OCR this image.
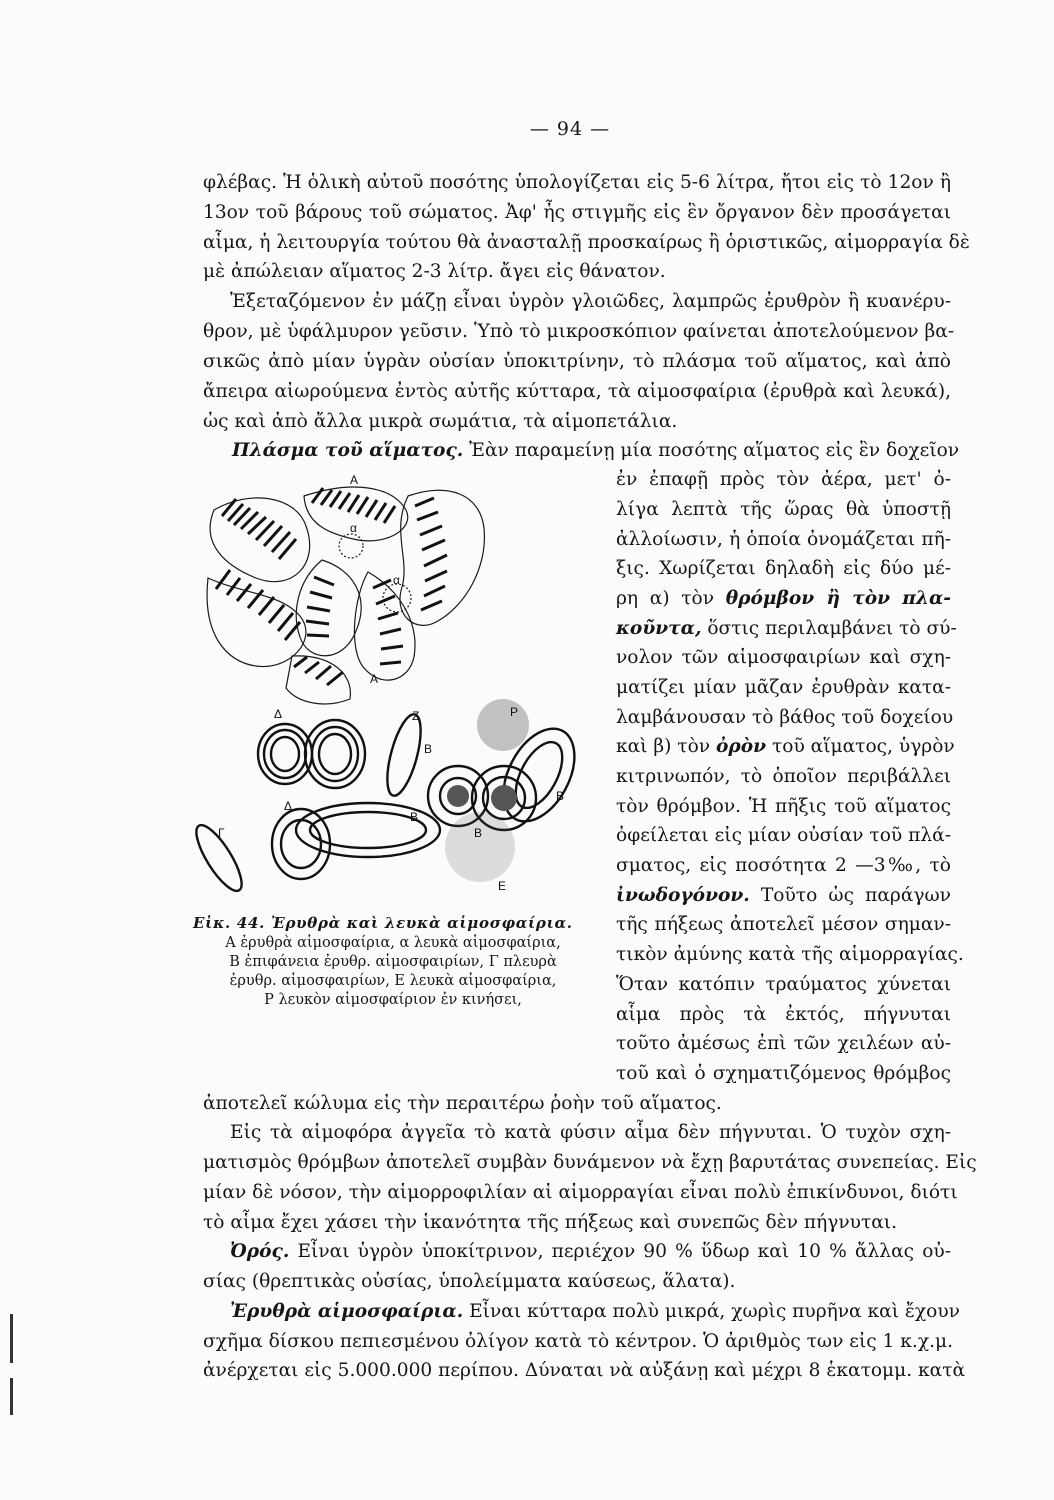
— 94 —
φλέβας. Ἡ ὁλικὴ αὐτοῦ ποσότης ὑπολογίζεται εἰς 5-6 λίτρα, ἤτοι εἰς τὸ 12ον ἢ
13ον τοῦ βάρους τοῦ σώματος. Ἀφ' ἧς στιγμῆς εἰς ἓν ὄργανον δὲν προσάγεται
αἷμα, ἡ λειτουργία τούτου θὰ ἀνασταλῇ προσκαίρως ἢ ὁριστικῶς, αἱμορραγία δὲ
μὲ ἀπώλειαν αἵματος 2-3 λίτρ. ἄγει εἰς θάνατον.
Ἐξεταζόμενον ἐν μάζῃ εἶναι ὑγρὸν γλοιῶδες, λαμπρῶς ἐρυθρὸν ἢ κυανέρυ-
θρον, μὲ ὑφάλμυρον γεῦσιν. Ὑπὸ τὸ μικροσκόπιον φαίνεται ἀποτελούμενον βα-
σικῶς ἀπὸ μίαν ὑγρὰν οὐσίαν ὑποκιτρίνην, τὸ πλάσμα τοῦ αἵματος, καὶ ἀπὸ
ἄπειρα αἰωρούμενα ἐντὸς αὐτῆς κύτταρα, τὰ αἱμοσφαίρια (ἐρυθρὰ καὶ λευκά),
ὡς καὶ ἀπὸ ἄλλα μικρὰ σωμάτια, τὰ αἱμοπετάλια.
Πλάσμα τοῦ αἵματος. Ἐὰν παραμείνῃ μία ποσότης αἵματος εἰς ἓν δοχεῖον
ἐν ἐπαφῇ πρὸς τὸν ἀέρα, μετ' ὀ-
λίγα λεπτὰ τῆς ὥρας θὰ ὑποστῇ
ἀλλοίωσιν, ἡ ὁποία ὀνομάζεται πῆ-
ξις. Χωρίζεται δηλαδὴ εἰς δύο μέ-
ρη α) τὸν θρόμβον ἢ τὸν πλα-
κοῦντα, ὅστις περιλαμβάνει τὸ σύ-
νολον τῶν αἱμοσφαιρίων καὶ σχη-
ματίζει μίαν μᾶζαν ἐρυθρὰν κατα-
λαμβάνουσαν τὸ βάθος τοῦ δοχείου
καὶ β) τὸν ὀρὸν τοῦ αἵματος, ὑγρὸν
κιτρινωπόν, τὸ ὁποῖον περιβάλλει
τὸν θρόμβον. Ἡ πῆξις τοῦ αἵματος
ὀφείλεται εἰς μίαν οὐσίαν τοῦ πλά-
σματος, εἰς ποσότητα 2 —3‰, τὸ
ἰνωδογόνον. Τοῦτο ὡς παράγων
τῆς πήξεως ἀποτελεῖ μέσον σημαν-
τικὸν ἀμύνης κατὰ τῆς αἱμορραγίας.
Ὅταν κατόπιν τραύματος χύνεται
αἷμα πρὸς τὰ ἐκτός, πήγνυται
τοῦτο ἀμέσως ἐπὶ τῶν χειλέων αὐ-
τοῦ καὶ ὁ σχηματιζόμενος θρόμβος
Α
α
α
Α
Δ	Ζ	Ρ
Β
Δ
Β
Γ
Β
Β
Ε
Εἰκ. 44. Ἐρυθρὰ καὶ λευκὰ αἱμοσφαίρια.
Α ἐρυθρὰ αἱμοσφαίρια, α λευκὰ αἱμοσφαίρια,
Β ἐπιφάνεια ἐρυθρ. αἱμοσφαιρίων, Γ πλευρὰ
ἐρυθρ. αἱμοσφαιρίων, Ε λευκὰ αἱμοσφαίρια,
Ρ λευκὸν αἱμοσφαίριον ἐν κινήσει,
ἀποτελεῖ κώλυμα εἰς τὴν περαιτέρω ῥοὴν τοῦ αἵματος.
Εἰς τὰ αἱμοφόρα ἀγγεῖα τὸ κατὰ φύσιν αἷμα δὲν πήγνυται. Ὁ τυχὸν σχη-
ματισμὸς θρόμβων ἀποτελεῖ συμβὰν δυνάμενον νὰ ἔχῃ βαρυτάτας συνεπείας. Εἰς
μίαν δὲ νόσον, τὴν αἱμορροφιλίαν αἱ αἱμορραγίαι εἶναι πολὺ ἐπικίνδυνοι, διότι
τὸ αἷμα ἔχει χάσει τὴν ἱκανότητα τῆς πήξεως καὶ συνεπῶς δὲν πήγνυται.
Ὀρός. Εἶναι ὑγρὸν ὑποκίτρινον, περιέχον 90 % ὕδωρ καὶ 10 % ἄλλας οὐ-
σίας (θρεπτικὰς οὐσίας, ὑπολείμματα καύσεως, ἅλατα).
Ἐρυθρὰ αἱμοσφαίρια. Εἶναι κύτταρα πολὺ μικρά, χωρὶς πυρῆνα καὶ ἔχουν
σχῆμα δίσκου πεπιεσμένου ὀλίγον κατὰ τὸ κέντρον. Ὁ ἀριθμὸς των εἰς 1 κ.χ.μ.
ἀνέρχεται εἰς 5.000.000 περίπου. Δύναται νὰ αὐξάνῃ καὶ μέχρι 8 ἑκατομμ. κατὰ
